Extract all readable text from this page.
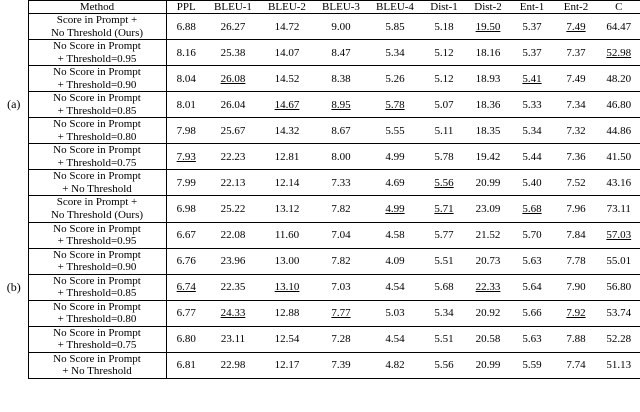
	Method	PPL	BLEU-1	BLEU-2	BLEU-3	BLEU-4	Dist-1	Dist-2	Ent-1	Ent-2	C

	Score in Prompt +
No Threshold (Ours)	6.88	26.27	14.72	9.00	5.85	5.18	19.50	5.37	7.49	64.47

	No Score in Prompt
+ Threshold=0.95	8.16	25.38	14.07	8.47	5.34	5.12	18.16	5.37	7.37	52.98

	No Score in Prompt
+ Threshold=0.90	8.04	26.08	14.52	8.38	5.26	5.12	18.93	5.41	7.49	48.20
(a)	No Score in Prompt
+ Threshold=0.85	8.01	26.04	14.67	8.95	5.78	5.07	18.36	5.33	7.34	46.80

	No Score in Prompt
+ Threshold=0.80	7.98	25.67	14.32	8.67	5.55	5.11	18.35	5.34	7.32	44.86

	No Score in Prompt
+ Threshold=0.75	7.93	22.23	12.81	8.00	4.99	5.78	19.42	5.44	7.36	41.50

	No Score in Prompt
+ No Threshold	7.99	22.13	12.14	7.33	4.69	5.56	20.99	5.40	7.52	43.16

	Score in Prompt +
No Threshold (Ours)	6.98	25.22	13.12	7.82	4.99	5.71	23.09	5.68	7.96	73.11

	No Score in Prompt
+ Threshold=0.95	6.67	22.08	11.60	7.04	4.58	5.77	21.52	5.70	7.84	57.03

	No Score in Prompt
+ Threshold=0.90	6.76	23.96	13.00	7.82	4.09	5.51	20.73	5.63	7.78	55.01
(b)	No Score in Prompt
+ Threshold=0.85	6.74	22.35	13.10	7.03	4.54	5.68	22.33	5.64	7.90	56.80

	No Score in Prompt
+ Threshold=0.80	6.77	24.33	12.88	7.77	5.03	5.34	20.92	5.66	7.92	53.74

	No Score in Prompt
+ Threshold=0.75	6.80	23.11	12.54	7.28	4.54	5.51	20.58	5.63	7.88	52.28

	No Score in Prompt
+ No Threshold	6.81	22.98	12.17	7.39	4.82	5.56	20.99	5.59	7.74	51.13
